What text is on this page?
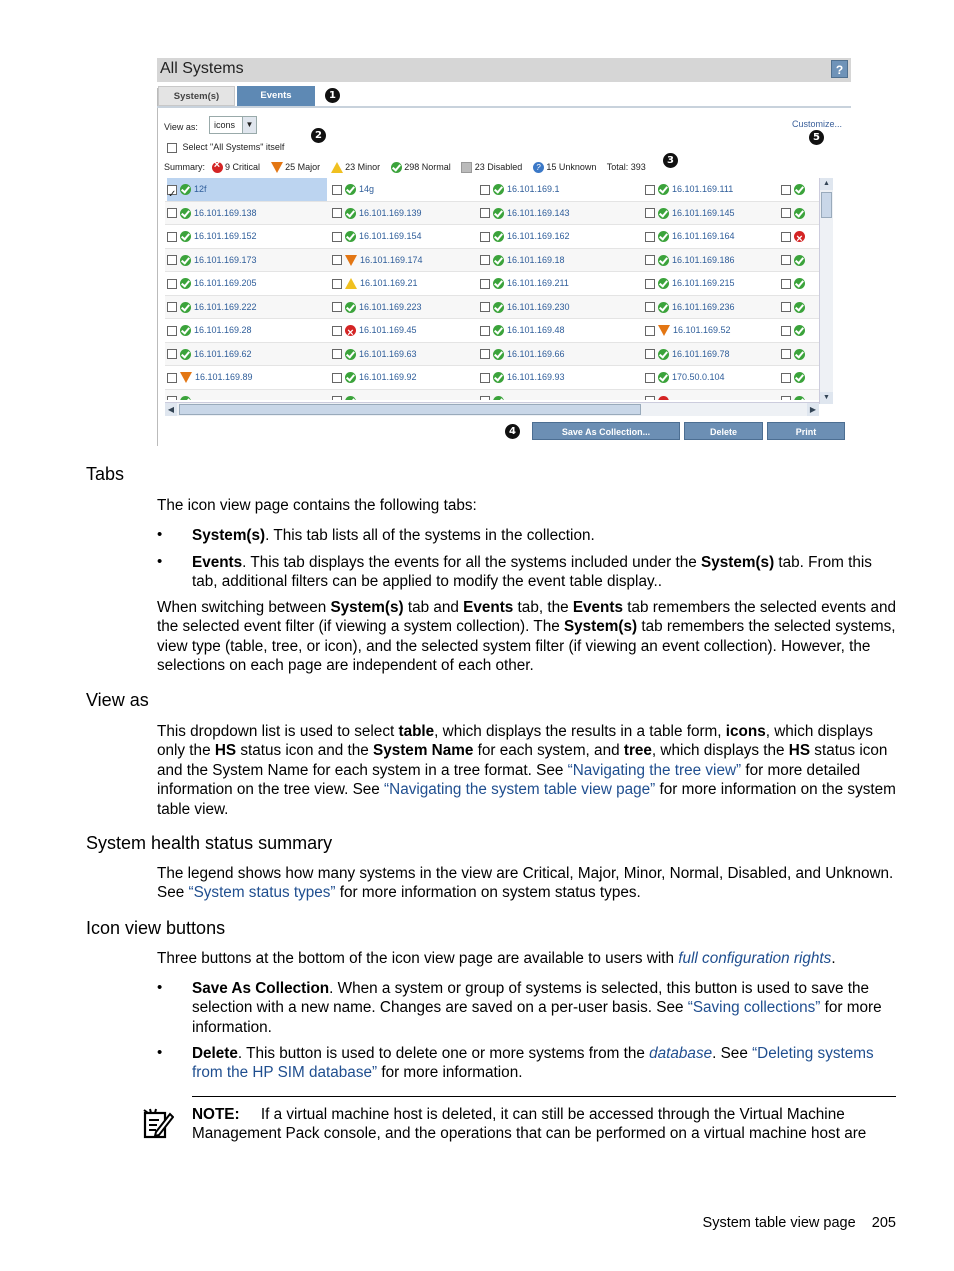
All Systems	?
System(s)	Events	1
View as:	icons	▼
2
Customize...
5
Select "All Systems" itself
Summary: × 9 Critical	25 Major	23 Minor	298 Normal	23 Disabled ? 15 Unknown Total: 393
3
✓12f	14g	16.101.169.1	16.101.169.111
16.101.169.138	16.101.169.139	16.101.169.143	16.101.169.145
16.101.169.152	16.101.169.154	16.101.169.162	16.101.169.164
×
16.101.169.173	16.101.169.174	16.101.169.18	16.101.169.186
16.101.169.205	16.101.169.21	16.101.169.211	16.101.169.215
16.101.169.222	16.101.169.223	16.101.169.230	16.101.169.236
16.101.169.28 ×	16.101.169.45	16.101.169.48	16.101.169.52
16.101.169.62	16.101.169.63	16.101.169.66	16.101.169.78
16.101.169.89	16.101.169.92	16.101.169.93	170.50.0.104
×
▲
▼
◀	▶
4	Save As Collection...	Delete	Print
Tabs
The icon view page contains the following tabs:
• System(s). This tab lists all of the systems in the collection.
• Events. This tab displays the events for all the systems included under the System(s) tab. From this tab, additional filters can be applied to modify the event table display..
When switching between System(s) tab and Events tab, the Events tab remembers the selected events and the selected event filter (if viewing a system collection). The System(s) tab remembers the selected systems, view type (table, tree, or icon), and the selected system filter (if viewing an event collection). However, the selections on each page are independent of each other.
View as
This dropdown list is used to select table, which displays the results in a table form, icons, which displays only the HS status icon and the System Name for each system, and tree, which displays the HS status icon and the System Name for each system in a tree format. See “Navigating the tree view” for more detailed information on the tree view. See “Navigating the system table view page” for more information on the system table view.
System health status summary
The legend shows how many systems in the view are Critical, Major, Minor, Normal, Disabled, and Unknown. See “System status types” for more information on system status types.
Icon view buttons
Three buttons at the bottom of the icon view page are available to users with full configuration rights.
• Save As Collection. When a system or group of systems is selected, this button is used to save the selection with a new name. Changes are saved on a per-user basis. See “Saving collections” for more information.
• Delete. This button is used to delete one or more systems from the database. See “Deleting systems from the HP SIM database” for more information.
NOTE: If a virtual machine host is deleted, it can still be accessed through the Virtual Machine Management Pack console, and the operations that can be performed on a virtual machine host are
System table view page 205
